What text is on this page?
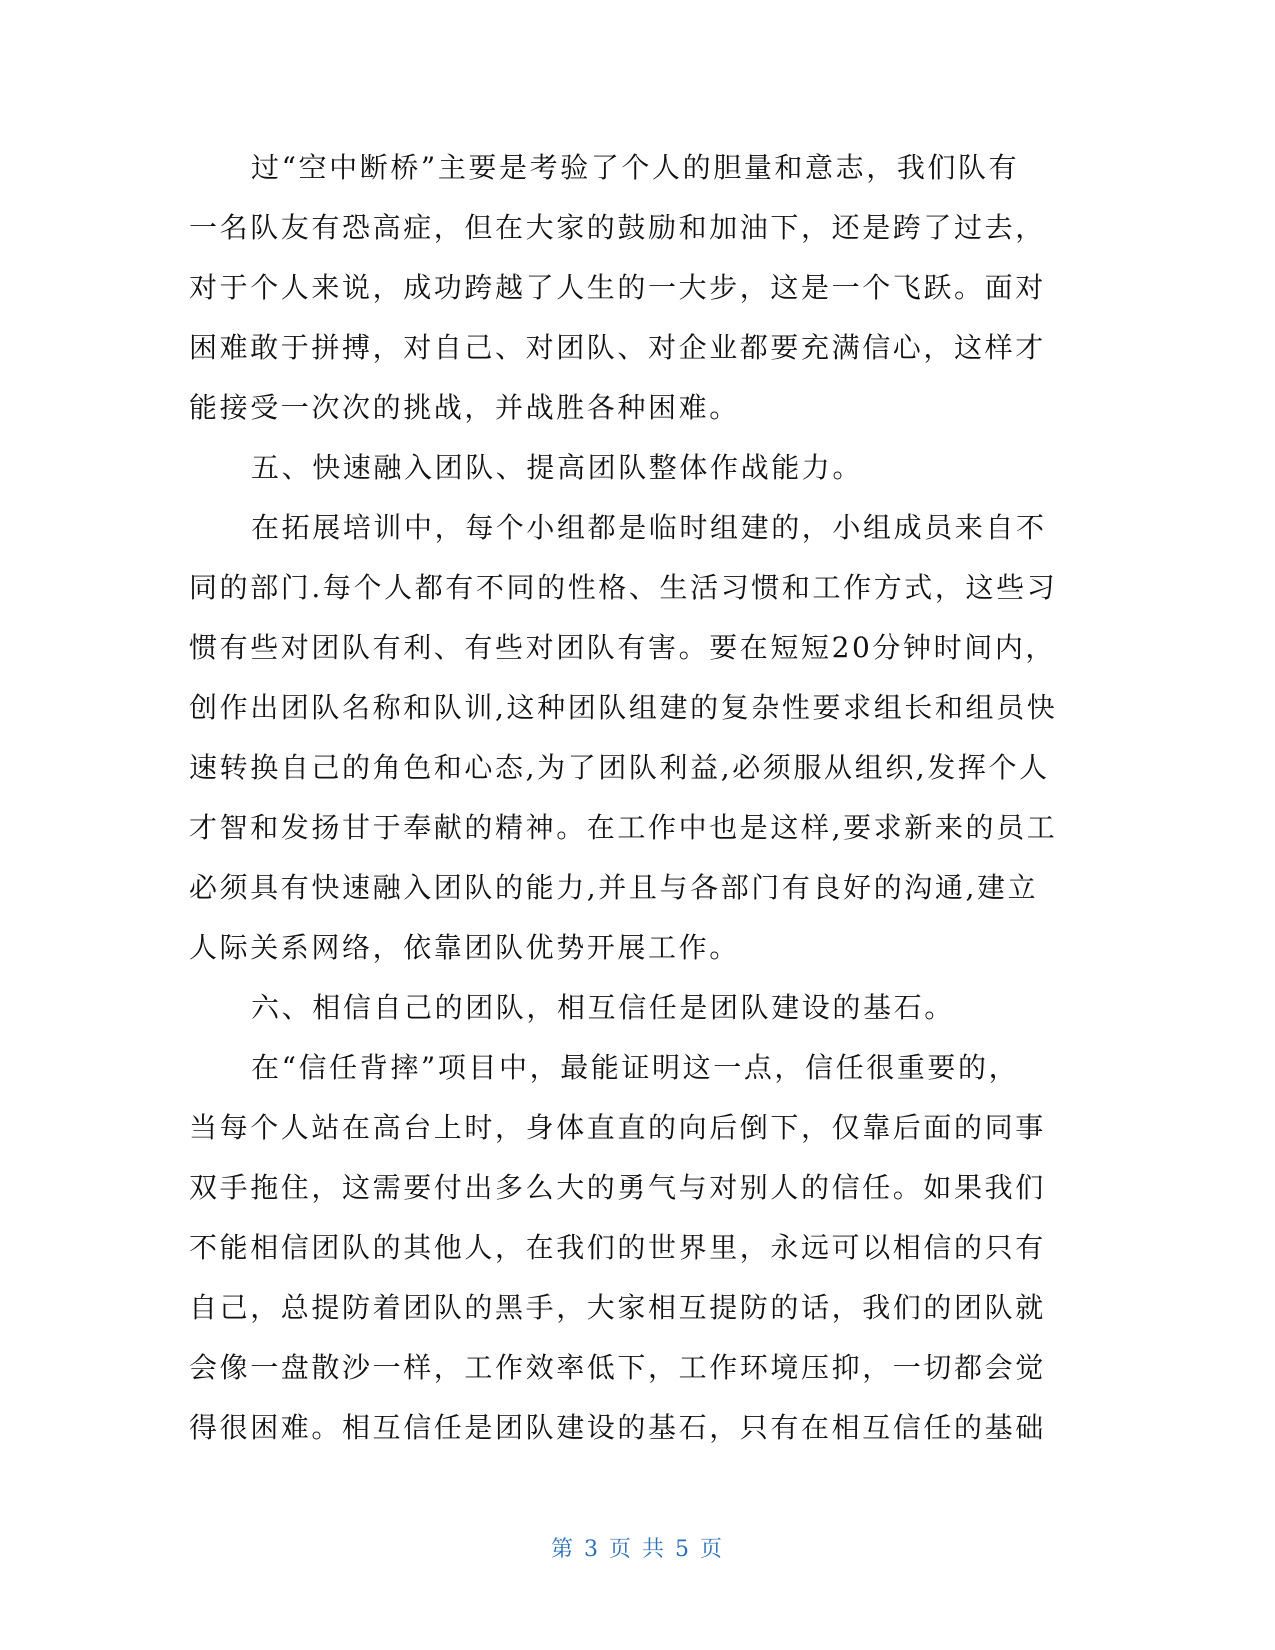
过“空中断桥”主要是考验了个人的胆量和意志，我们队有
一名队友有恐高症，但在大家的鼓励和加油下，还是跨了过去，
对于个人来说，成功跨越了人生的一大步，这是一个飞跃。面对
困难敢于拼搏，对自己、对团队、对企业都要充满信心，这样才
能接受一次次的挑战，并战胜各种困难。
五、快速融入团队、提高团队整体作战能力。
在拓展培训中，每个小组都是临时组建的，小组成员来自不
同的部门.每个人都有不同的性格、生活习惯和工作方式，这些习
惯有些对团队有利、有些对团队有害。要在短短20分钟时间内，
创作出团队名称和队训,这种团队组建的复杂性要求组长和组员快
速转换自己的角色和心态,为了团队利益,必须服从组织,发挥个人
才智和发扬甘于奉献的精神。在工作中也是这样,要求新来的员工
必须具有快速融入团队的能力,并且与各部门有良好的沟通,建立
人际关系网络，依靠团队优势开展工作。
六、相信自己的团队，相互信任是团队建设的基石。
在“信任背摔”项目中，最能证明这一点，信任很重要的，
当每个人站在高台上时，身体直直的向后倒下，仅靠后面的同事
双手拖住，这需要付出多么大的勇气与对别人的信任。如果我们
不能相信团队的其他人，在我们的世界里，永远可以相信的只有
自己，总提防着团队的黑手，大家相互提防的话，我们的团队就
会像一盘散沙一样，工作效率低下，工作环境压抑，一切都会觉
得很困难。相互信任是团队建设的基石，只有在相互信任的基础
第 3 页 共 5 页
